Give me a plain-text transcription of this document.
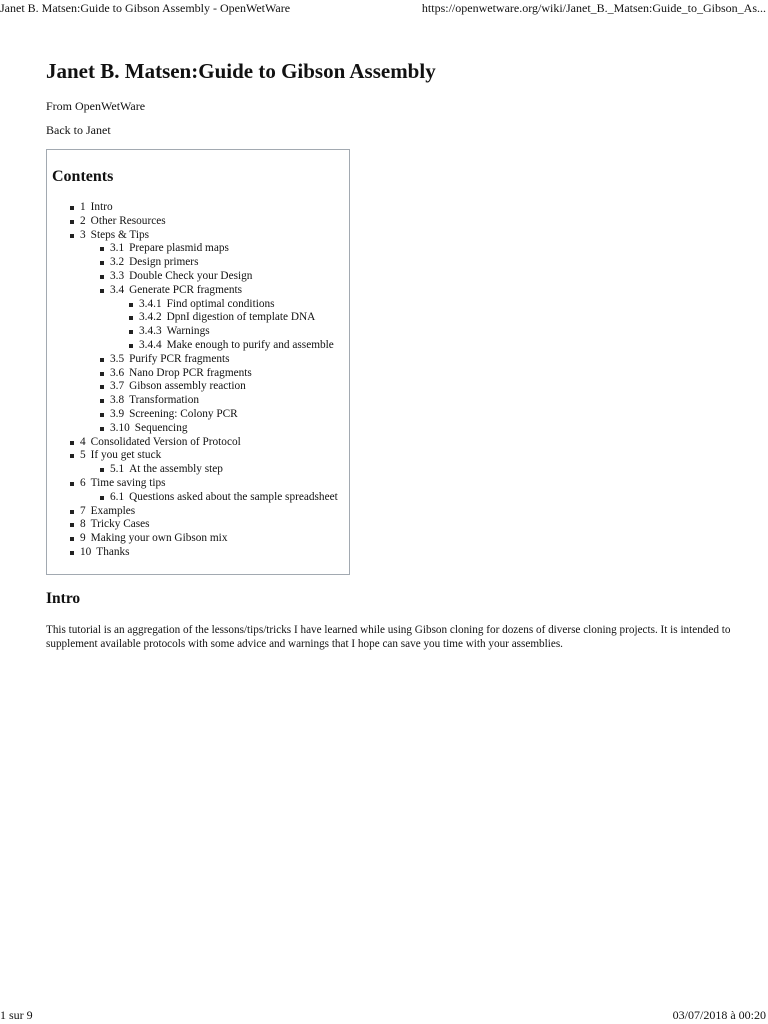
Janet B. Matsen:Guide to Gibson Assembly - OpenWetWare	https://openwetware.org/wiki/Janet_B._Matsen:Guide_to_Gibson_As...
Janet B. Matsen:Guide to Gibson Assembly
From OpenWetWare
Back to Janet
Contents
1 Intro
2 Other Resources
3 Steps & Tips
3.1 Prepare plasmid maps
3.2 Design primers
3.3 Double Check your Design
3.4 Generate PCR fragments
3.4.1 Find optimal conditions
3.4.2 DpnI digestion of template DNA
3.4.3 Warnings
3.4.4 Make enough to purify and assemble
3.5 Purify PCR fragments
3.6 Nano Drop PCR fragments
3.7 Gibson assembly reaction
3.8 Transformation
3.9 Screening: Colony PCR
3.10 Sequencing
4 Consolidated Version of Protocol
5 If you get stuck
5.1 At the assembly step
6 Time saving tips
6.1 Questions asked about the sample spreadsheet
7 Examples
8 Tricky Cases
9 Making your own Gibson mix
10 Thanks
Intro

This tutorial is an aggregation of the lessons/tips/tricks I have learned while using Gibson cloning for dozens of diverse cloning projects. It is intended to supplement available protocols with some advice and warnings that I hope can save you time with your assemblies.

1 sur 9	03/07/2018 à 00:20
